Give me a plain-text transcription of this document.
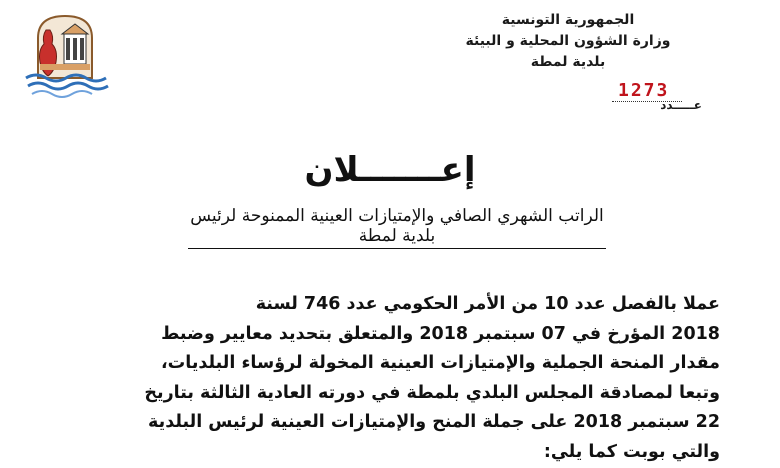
الجمهورية التونسية
وزارة الشؤون المحلية و البيئة
بلدية لمطة
1273
عـــــدد
إعـــــــلان
الراتب الشهري الصافي والإمتيازات العينية الممنوحة لرئيس بلدية لمطة
عملا بالفصل عدد 10 من الأمر الحكومي عدد 746 لسنة
2018 المؤرخ في 07 سبتمبر 2018 والمتعلق بتحديد معايير وضبط
مقدار المنحة الجملية والإمتيازات العينية المخولة لرؤساء البلديات،
وتبعا لمصادقة المجلس البلدي بلمطة في دورته العادية الثالثة بتاريخ
22 سبتمبر 2018 على جملة المنح والإمتيازات العينية لرئيس البلدية
والتي بوبت كما يلي:
